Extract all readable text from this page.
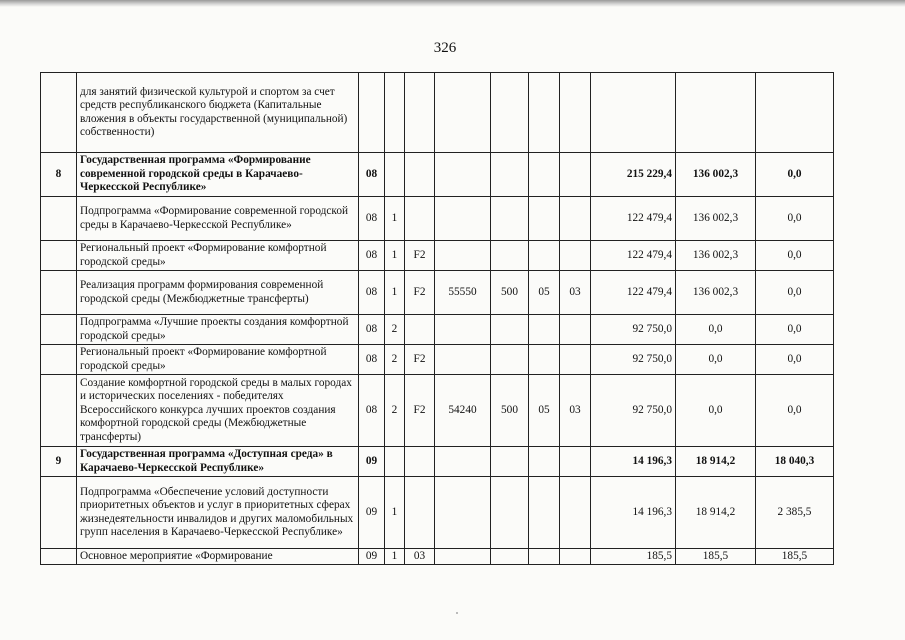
326
	для занятий физической культурой и спортом за счет средств республиканского бюджета (Капитальные вложения в объекты государственной (муниципальной) собственности)										
8	Государственная программа «Формирование современной городской среды в Карачаево-Черкесской Республике»	08							215 229,4	136 002,3	0,0
	Подпрограмма «Формирование современной городской среды в Карачаево-Черкесской Республике»	08	1						122 479,4	136 002,3	0,0
	Региональный проект «Формирование комфортной городской среды»	08	1	F2					122 479,4	136 002,3	0,0
	Реализация программ формирования современной городской среды (Межбюджетные трансферты)	08	1	F2	55550	500	05	03	122 479,4	136 002,3	0,0
	Подпрограмма «Лучшие проекты создания комфортной городской среды»	08	2						92 750,0	0,0	0,0
	Региональный проект «Формирование комфортной городской среды»	08	2	F2					92 750,0	0,0	0,0
	Создание комфортной городской среды в малых городах и исторических поселениях - победителях Всероссийского конкурса лучших проектов создания комфортной городской среды (Межбюджетные трансферты)	08	2	F2	54240	500	05	03	92 750,0	0,0	0,0
9	Государственная программа «Доступная среда» в Карачаево-Черкесской Республике»	09							14 196,3	18 914,2	18 040,3
	Подпрограмма «Обеспечение условий доступности приоритетных объектов и услуг в приоритетных сферах жизнедеятельности инвалидов и других маломобильных групп населения в Карачаево-Черкесской Республике»	09	1						14 196,3	18 914,2	2 385,5
	Основное мероприятие «Формирование	09	1	03					185,5	185,5	185,5
